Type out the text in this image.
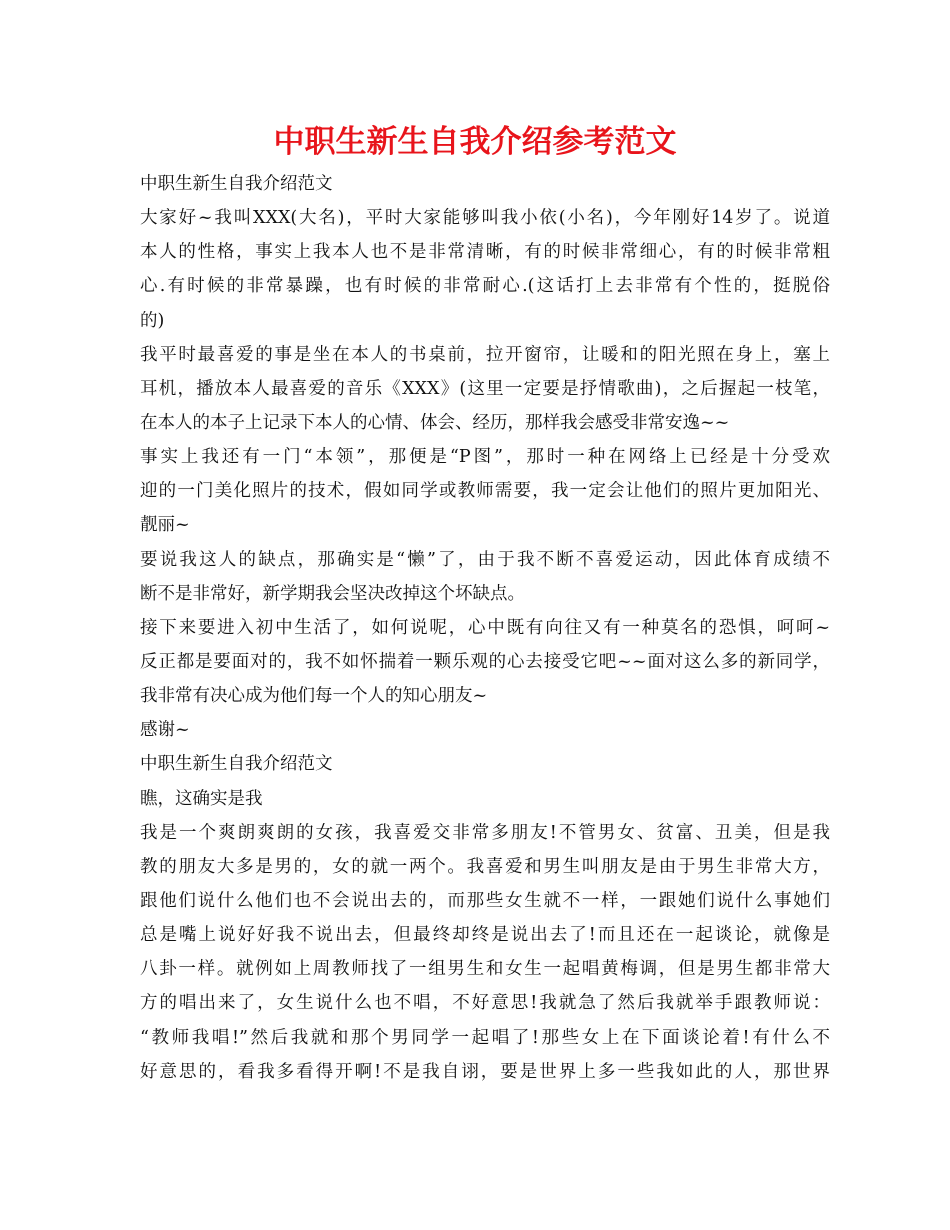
中职生新生自我介绍参考范文

中职生新生自我介绍范文

大家好~我叫XXX(大名)，平时大家能够叫我小依(小名)，今年刚好14岁了。说道

本人的性格，事实上我本人也不是非常清晰，有的时候非常细心，有的时候非常粗

心.有时候的非常暴躁，也有时候的非常耐心.(这话打上去非常有个性的，挺脱俗

的)

我平时最喜爱的事是坐在本人的书桌前，拉开窗帘，让暖和的阳光照在身上，塞上

耳机，播放本人最喜爱的音乐《XXX》(这里一定要是抒情歌曲)，之后握起一枝笔，

在本人的本子上记录下本人的心情、体会、经历，那样我会感受非常安逸~~

事实上我还有一门“本领”，那便是“P图”，那时一种在网络上已经是十分受欢

迎的一门美化照片的技术，假如同学或教师需要，我一定会让他们的照片更加阳光、

靓丽~

要说我这人的缺点，那确实是“懒”了，由于我不断不喜爱运动，因此体育成绩不

断不是非常好，新学期我会坚决改掉这个坏缺点。

接下来要进入初中生活了，如何说呢，心中既有向往又有一种莫名的恐惧，呵呵~

反正都是要面对的，我不如怀揣着一颗乐观的心去接受它吧~~面对这么多的新同学，

我非常有决心成为他们每一个人的知心朋友~

感谢~

中职生新生自我介绍范文

瞧，这确实是我

我是一个爽朗爽朗的女孩，我喜爱交非常多朋友!不管男女、贫富、丑美，但是我

教的朋友大多是男的，女的就一两个。我喜爱和男生叫朋友是由于男生非常大方，

跟他们说什么他们也不会说出去的，而那些女生就不一样，一跟她们说什么事她们

总是嘴上说好好我不说出去，但最终却终是说出去了!而且还在一起谈论，就像是

八卦一样。就例如上周教师找了一组男生和女生一起唱黄梅调，但是男生都非常大

方的唱出来了，女生说什么也不唱，不好意思!我就急了然后我就举手跟教师说：

“教师我唱!”然后我就和那个男同学一起唱了!那些女上在下面谈论着!有什么不

好意思的，看我多看得开啊!不是我自诩，要是世界上多一些我如此的人，那世界
